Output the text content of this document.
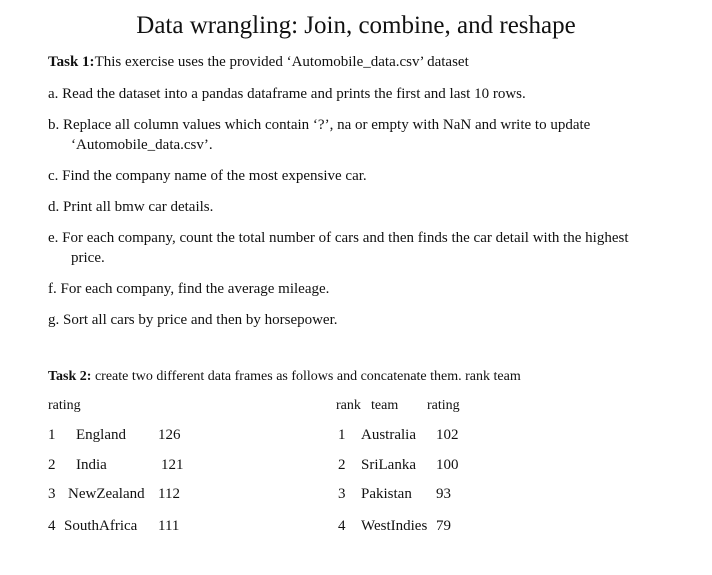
Data wrangling: Join, combine, and reshape
Task 1:This exercise uses the provided ‘Automobile_data.csv’ dataset
a. Read the dataset into a pandas dataframe and prints the first and last 10 rows.
b. Replace all column values which contain ‘?’, na or empty with NaN and write to update
‘Automobile_data.csv’.
c. Find the company name of the most expensive car.
d. Print all bmw car details.
e. For each company, count the total number of cars and then finds the car detail with the highest
price.
f. For each company, find the average mileage.
g. Sort all cars by price and then by horsepower.
Task 2: create two different data frames as follows and concatenate them. rank team
rating	rank team rating
1 England 126
2 India	121
3 NewZealand 112
4 SouthAfrica 111
1 Australia 102
2 SriLanka 100
3 Pakistan 93
4 WestIndies 79
